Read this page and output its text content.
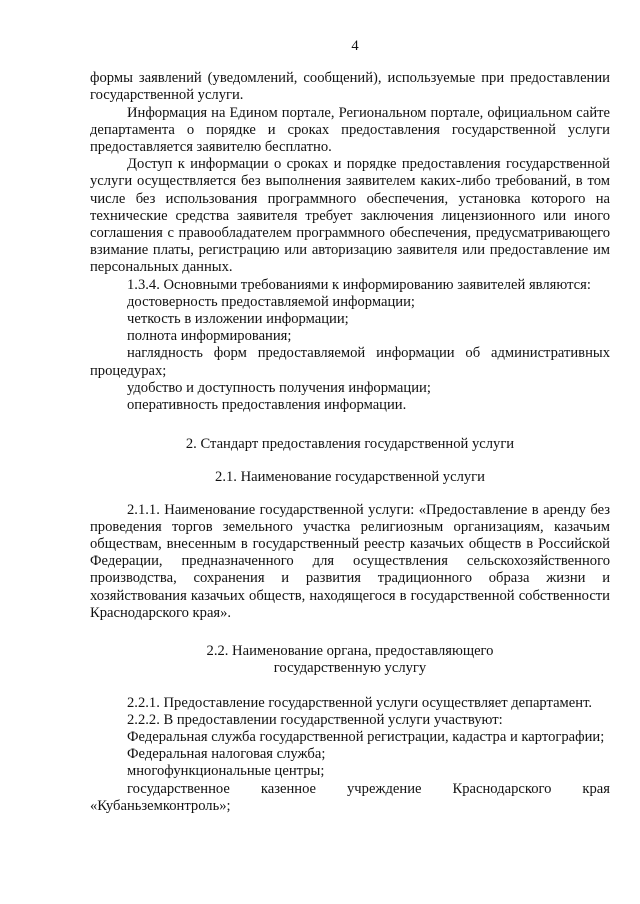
4

формы заявлений (уведомлений, сообщений), используемые при предоставлении государственной услуги.

Информация на Едином портале, Региональном портале, официальном сайте департамента о порядке и сроках предоставления государственной услуги предоставляется заявителю бесплатно.

Доступ к информации о сроках и порядке предоставления государственной услуги осуществляется без выполнения заявителем каких-либо требований, в том числе без использования программного обеспечения, установка которого на технические средства заявителя требует заключения лицензионного или иного соглашения с правообладателем программного обеспечения, предусматривающего взимание платы, регистрацию или авторизацию заявителя или предоставление им персональных данных.

1.3.4. Основными требованиями к информированию заявителей являются:

достоверность предоставляемой информации;

четкость в изложении информации;

полнота информирования;

наглядность форм предоставляемой информации об административных процедурах;

удобство и доступность получения информации;

оперативность предоставления информации.

2. Стандарт предоставления государственной услуги

2.1. Наименование государственной услуги

2.1.1. Наименование государственной услуги: «Предоставление в аренду без проведения торгов земельного участка религиозным организациям, казачьим обществам, внесенным в государственный реестр казачьих обществ в Российской Федерации, предназначенного для осуществления сельскохозяйственного производства, сохранения и развития традиционного образа жизни и хозяйствования казачьих обществ, находящегося в государственной собственности Краснодарского края».

2.2. Наименование органа, предоставляющего

государственную услугу

2.2.1. Предоставление государственной услуги осуществляет департамент.

2.2.2. В предоставлении государственной услуги участвуют:

Федеральная служба государственной регистрации, кадастра и картографии;

Федеральная налоговая служба;

многофункциональные центры;

государственное казенное учреждение Краснодарского края «Кубаньземконтроль»;
